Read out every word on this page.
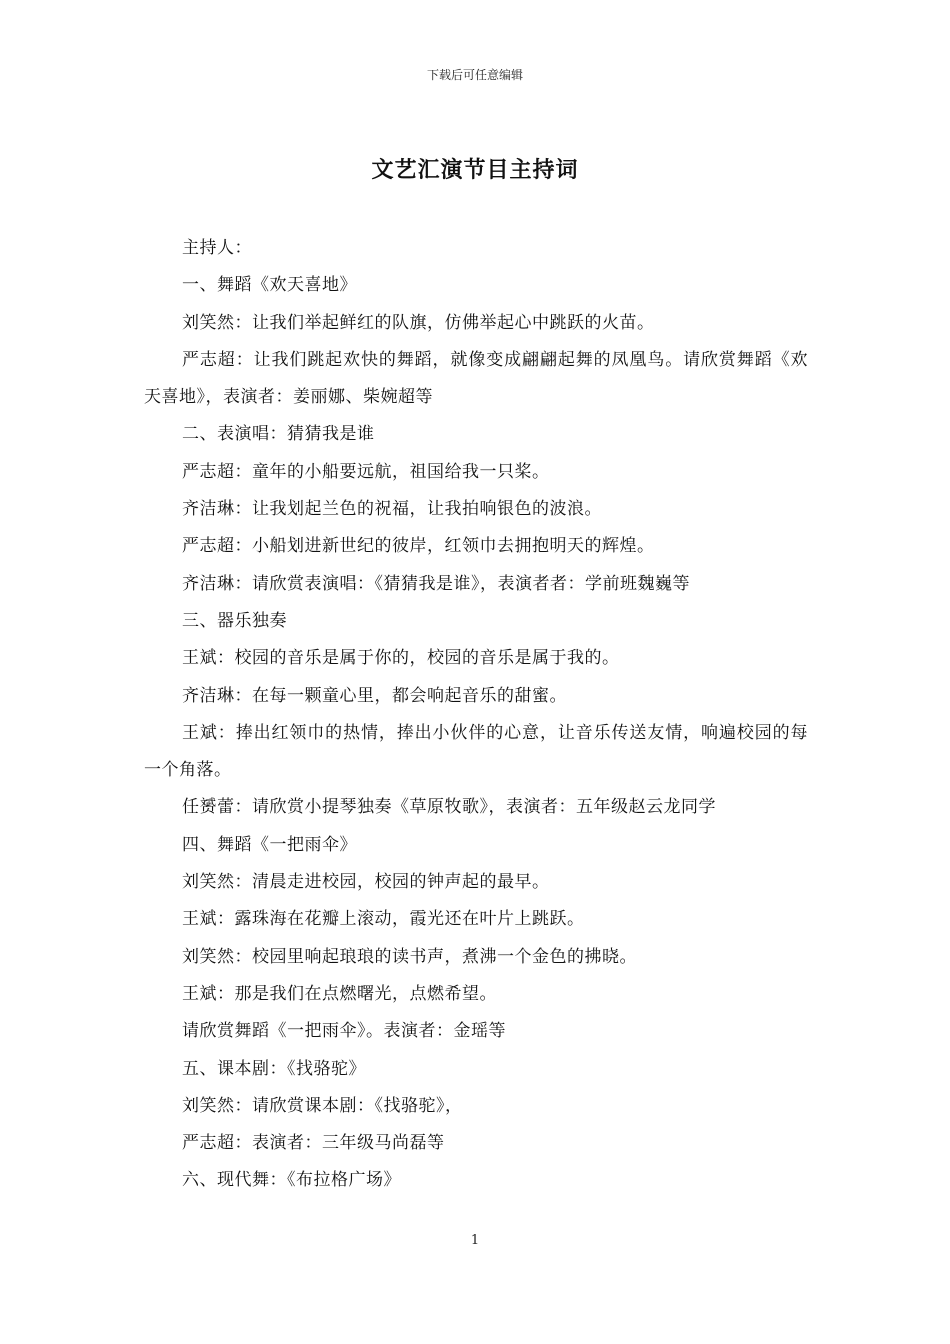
下载后可任意编辑
文艺汇演节目主持词

主持人：

一、舞蹈《欢天喜地》

刘笑然：让我们举起鲜红的队旗，仿佛举起心中跳跃的火苗。

严志超：让我们跳起欢快的舞蹈，就像变成翩翩起舞的凤凰鸟。请欣赏舞蹈《欢天喜地》，表演者：姜丽娜、柴婉超等

二、表演唱：猜猜我是谁

严志超：童年的小船要远航，祖国给我一只桨。

齐洁琳：让我划起兰色的祝福，让我拍响银色的波浪。

严志超：小船划进新世纪的彼岸，红领巾去拥抱明天的辉煌。

齐洁琳：请欣赏表演唱：《猜猜我是谁》，表演者者：学前班魏巍等

三、器乐独奏

王斌：校园的音乐是属于你的，校园的音乐是属于我的。

齐洁琳：在每一颗童心里，都会响起音乐的甜蜜。

王斌：捧出红领巾的热情，捧出小伙伴的心意，让音乐传送友情，响遍校园的每一个角落。

任赟蕾：请欣赏小提琴独奏《草原牧歌》，表演者：五年级赵云龙同学

四、舞蹈《一把雨伞》

刘笑然：清晨走进校园，校园的钟声起的最早。

王斌：露珠海在花瓣上滚动，霞光还在叶片上跳跃。

刘笑然：校园里响起琅琅的读书声，煮沸一个金色的拂晓。

王斌：那是我们在点燃曙光，点燃希望。

请欣赏舞蹈《一把雨伞》。表演者：金瑶等

五、课本剧：《找骆驼》

刘笑然：请欣赏课本剧：《找骆驼》，

严志超：表演者：三年级马尚磊等

六、现代舞：《布拉格广场》

1
